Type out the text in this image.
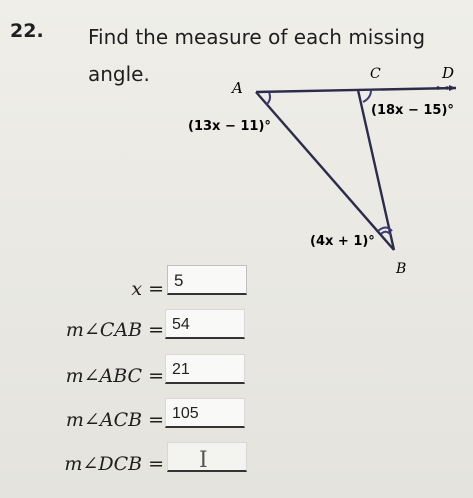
22. Find the measure of each missing angle.
A
C	D
B
(13x − 11)°
(18x − 15)°
(4x + 1)°
x = 5
m∠CAB = 54
m∠ABC = 21
m∠ACB = 105
m∠DCB = I
